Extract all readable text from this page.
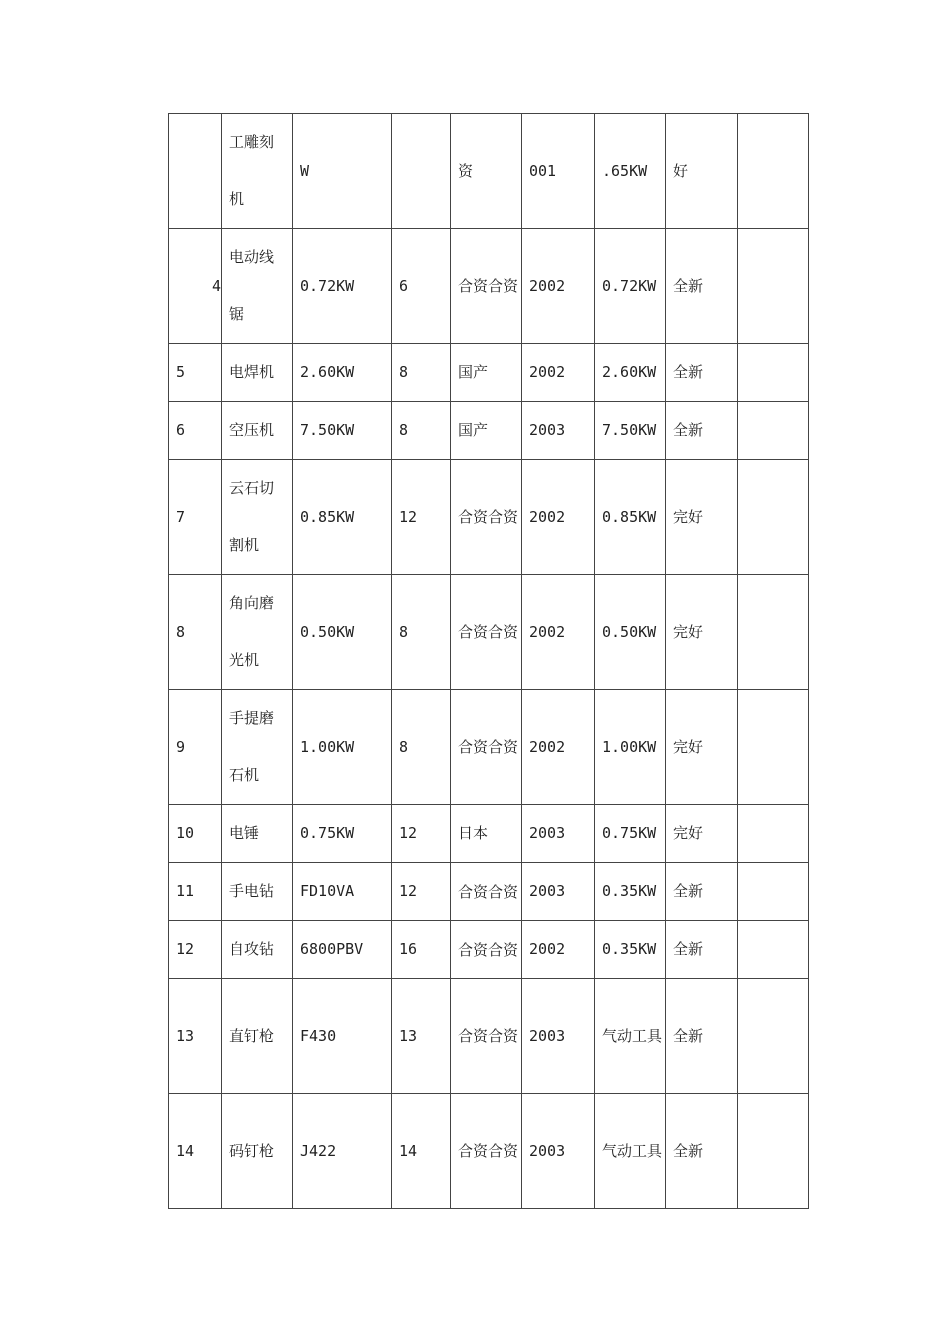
	工雕刻机	W		资	001	.65KW	好	
4	电动线锯	0.72KW	6	合资合资	2002	0.72KW	全新	
5	电焊机	2.60KW	8	国产	2002	2.60KW	全新	
6	空压机	7.50KW	8	国产	2003	7.50KW	全新	
7	云石切割机	0.85KW	12	合资合资	2002	0.85KW	完好	
8	角向磨光机	0.50KW	8	合资合资	2002	0.50KW	完好	
9	手提磨石机	1.00KW	8	合资合资	2002	1.00KW	完好	
10	电锤	0.75KW	12	日本	2003	0.75KW	完好	
11	手电钻	FD10VA	12	合资合资	2003	0.35KW	全新	
12	自攻钻	6800PBV	16	合资合资	2002	0.35KW	全新	
13	直钉枪	F430	13	合资合资	2003	气动工具	全新	
14	码钉枪	J422	14	合资合资	2003	气动工具	全新	
